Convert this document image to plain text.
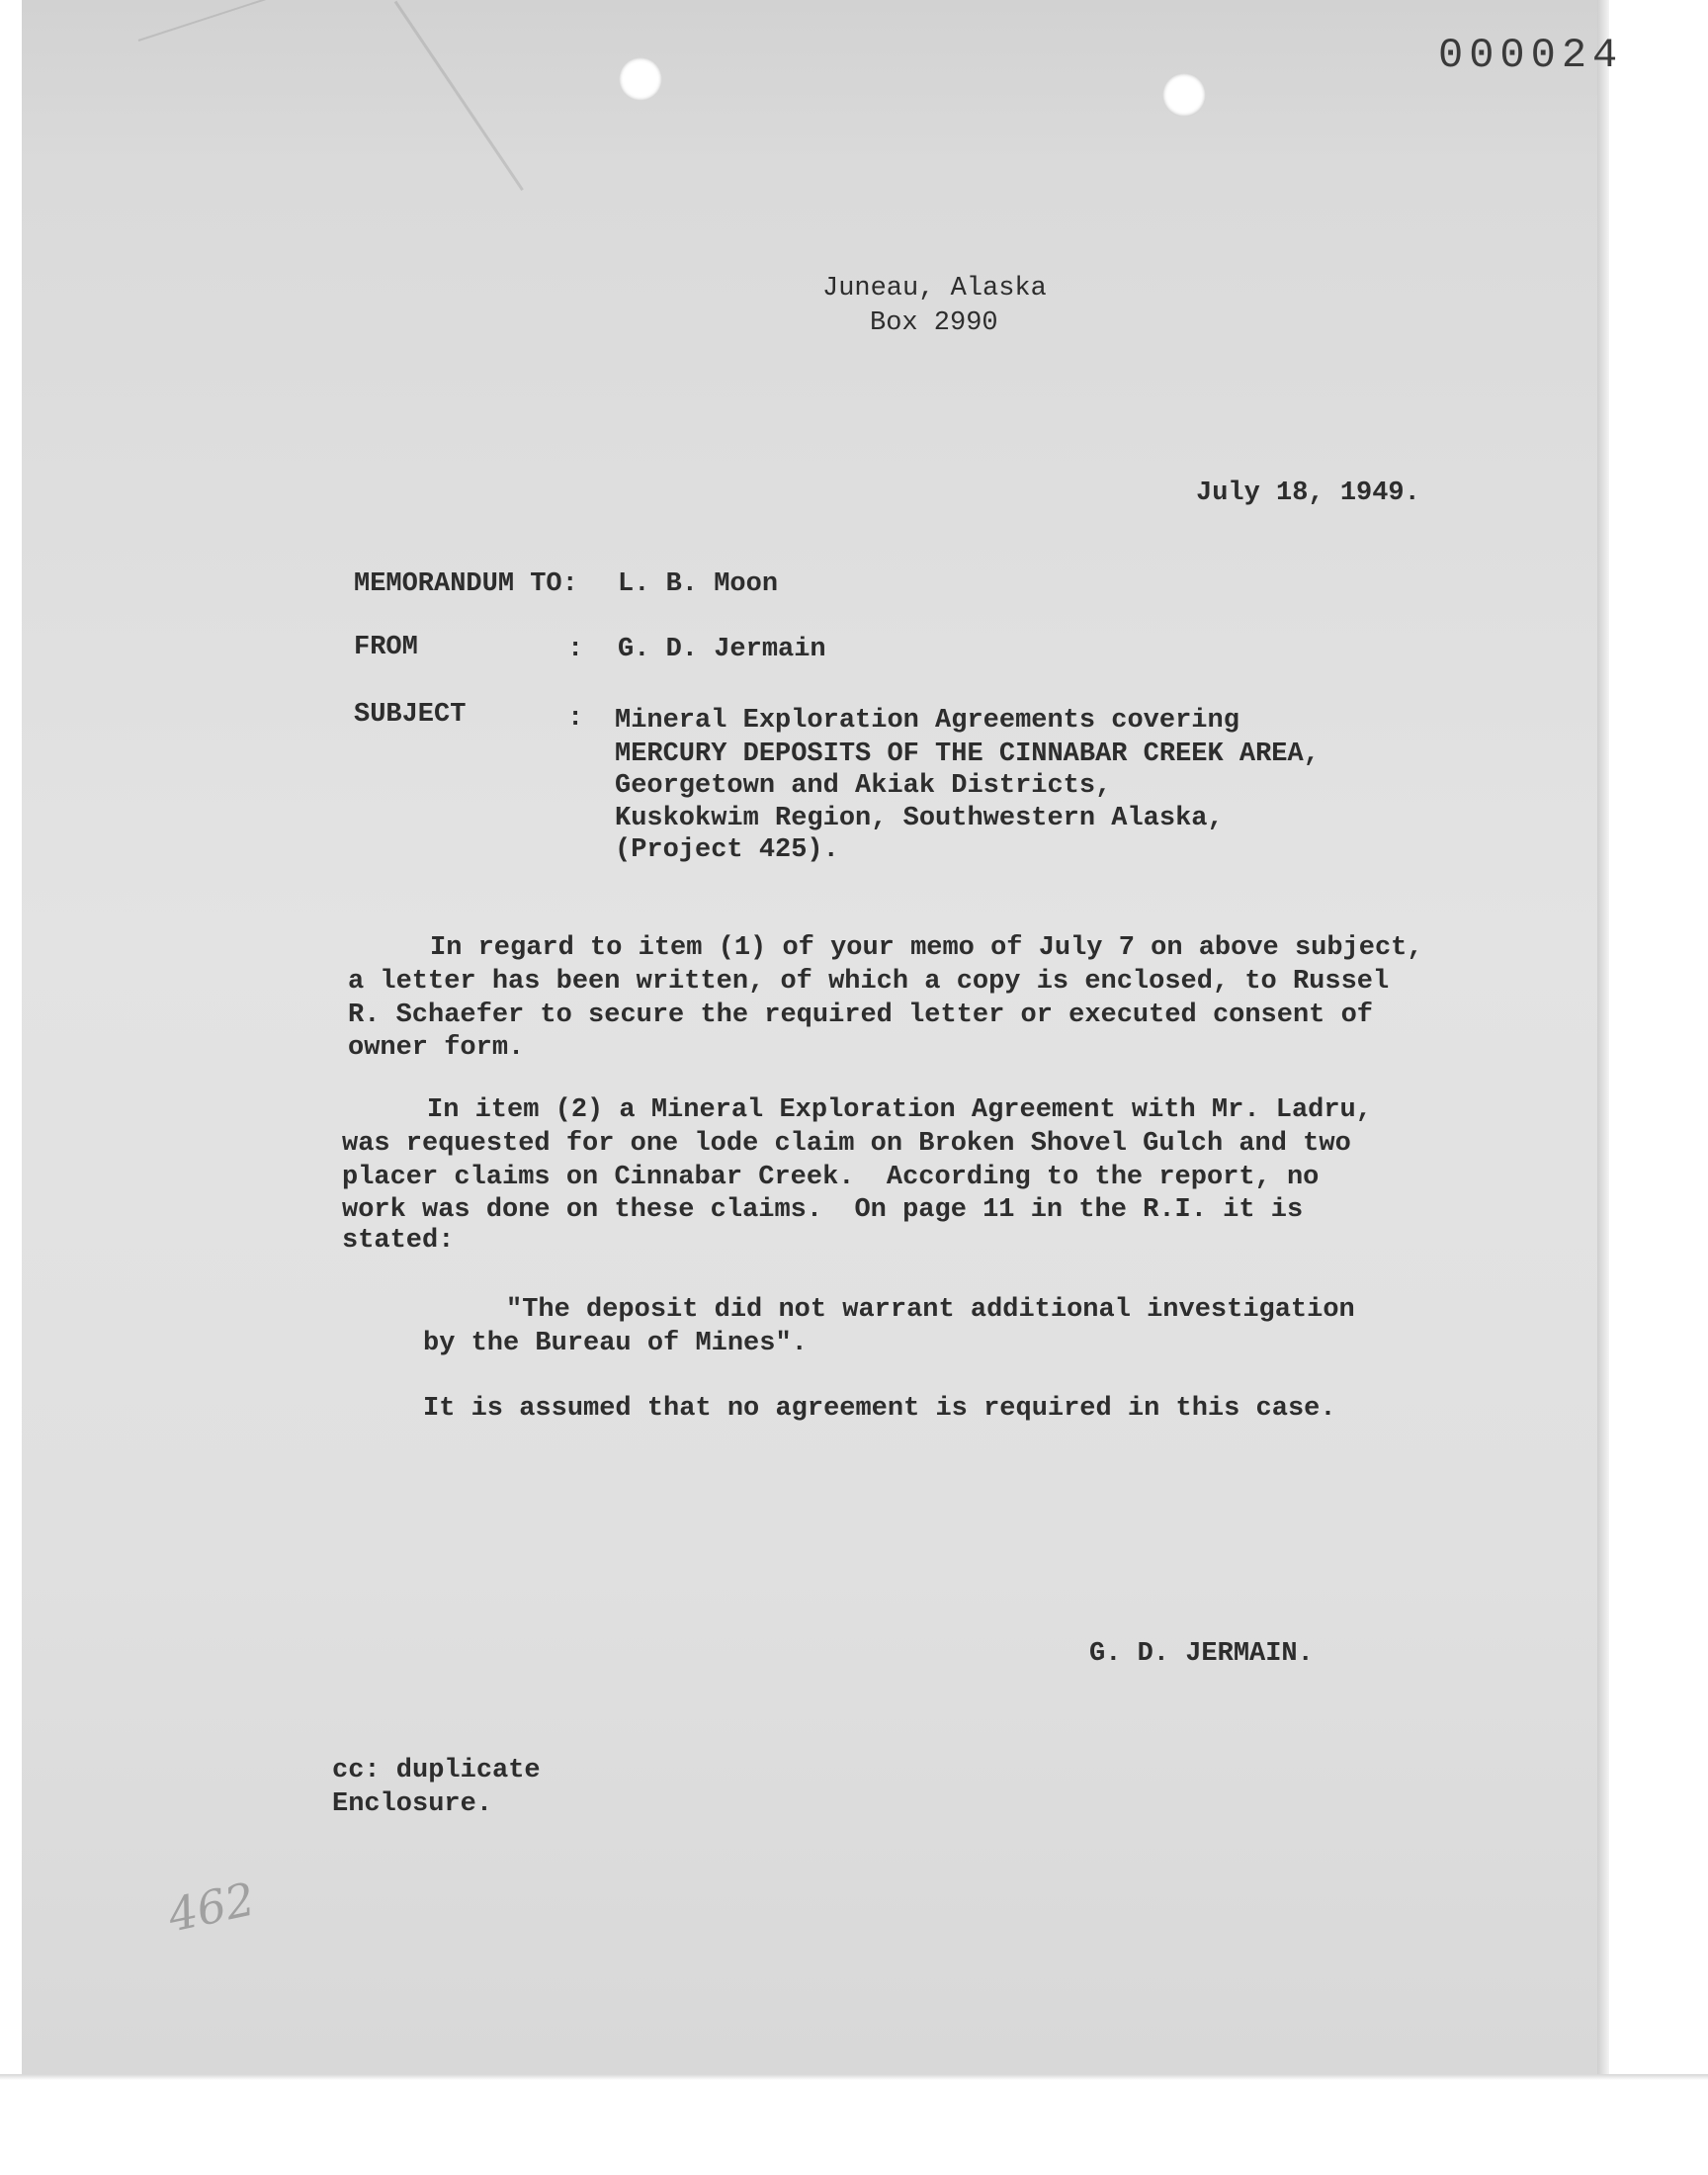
000024
Juneau, Alaska
Box 2990
July 18, 1949.
MEMORANDUM TO: L. B. Moon
FROM	: G. D. Jermain
SUBJECT	: Mineral Exploration Agreements covering
MERCURY DEPOSITS OF THE CINNABAR CREEK AREA,
Georgetown and Akiak Districts,
Kuskokwim Region, Southwestern Alaska,
(Project 425).
In regard to item (1) of your memo of July 7 on above subject,
a letter has been written, of which a copy is enclosed, to Russel
R. Schaefer to secure the required letter or executed consent of
owner form.
In item (2) a Mineral Exploration Agreement with Mr. Ladru,
was requested for one lode claim on Broken Shovel Gulch and two
placer claims on Cinnabar Creek.  According to the report, no
work was done on these claims.  On page 11 in the R.I. it is
stated:
"The deposit did not warrant additional investigation
by the Bureau of Mines".
It is assumed that no agreement is required in this case.
G. D. JERMAIN.
cc: duplicate
Enclosure.
462
